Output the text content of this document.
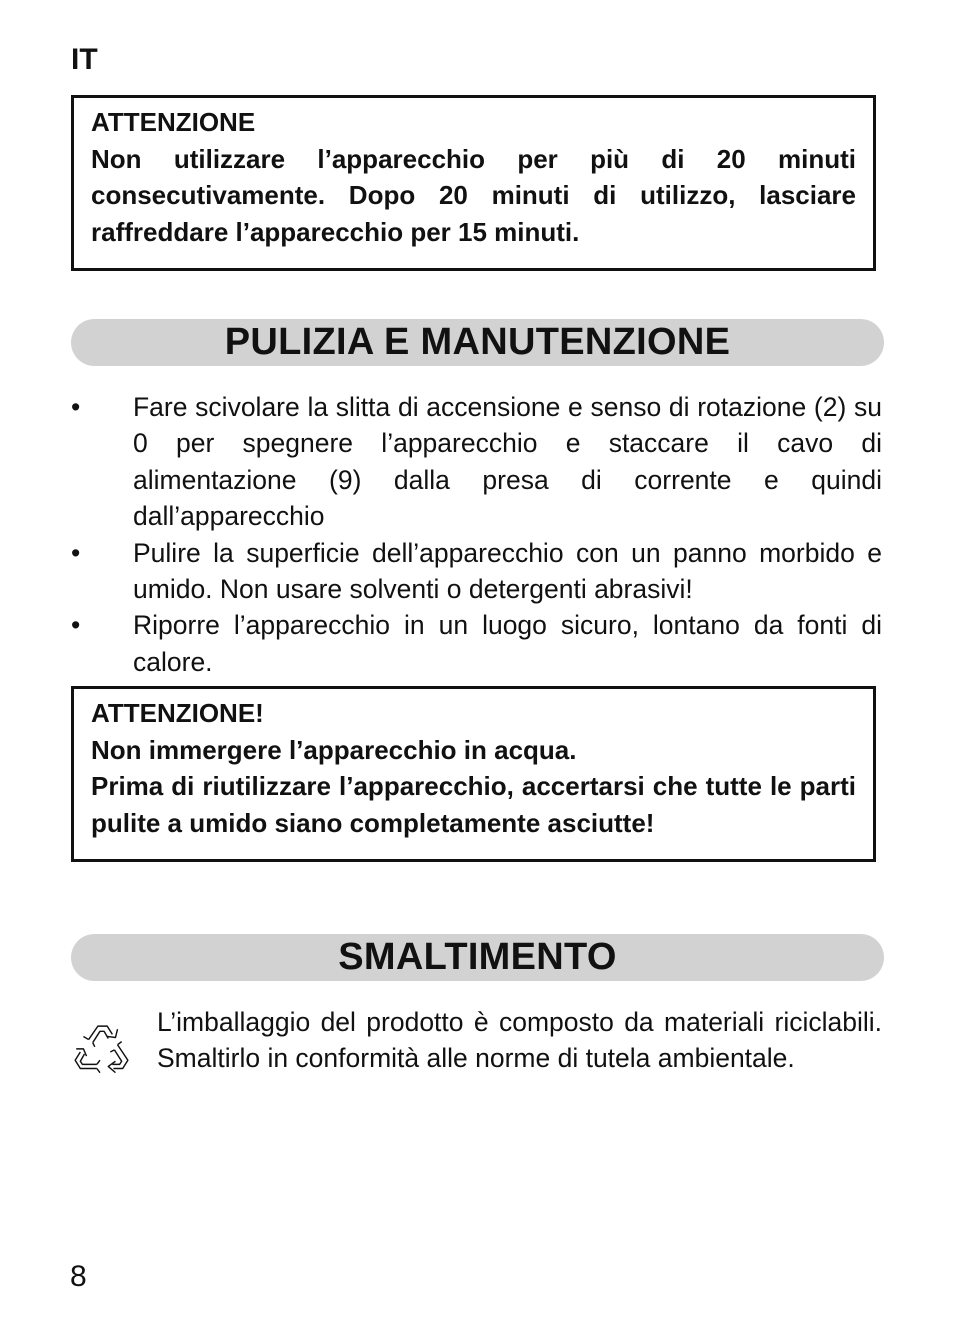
IT

ATTENZIONE

Non utilizzare l’apparecchio per più di 20 minuti consecutivamente. Dopo 20 minuti di utilizzo, lasciare raffreddare l’apparecchio per 15 minuti.

PULIZIA E MANUTENZIONE
• Fare scivolare la slitta di accensione e senso di rotazione (2) su 0 per spegnere l’apparecchio e staccare il cavo di alimentazione (9) dalla presa di corrente e quindi dall’apparecchio
• Pulire la superficie dell’apparecchio con un panno morbido e umido. Non usare solventi o detergenti abrasivi!
• Riporre l’apparecchio in un luogo sicuro, lontano da fonti di calore.

ATTENZIONE!

Non immergere l’apparecchio in acqua.

Prima di riutilizzare l’apparecchio, accertarsi che tutte le parti pulite a umido siano completamente asciutte!

SMALTIMENTO
L’imballaggio del prodotto è composto da materiali riciclabili. Smaltirlo in conformità alle norme di tutela ambientale.
8
